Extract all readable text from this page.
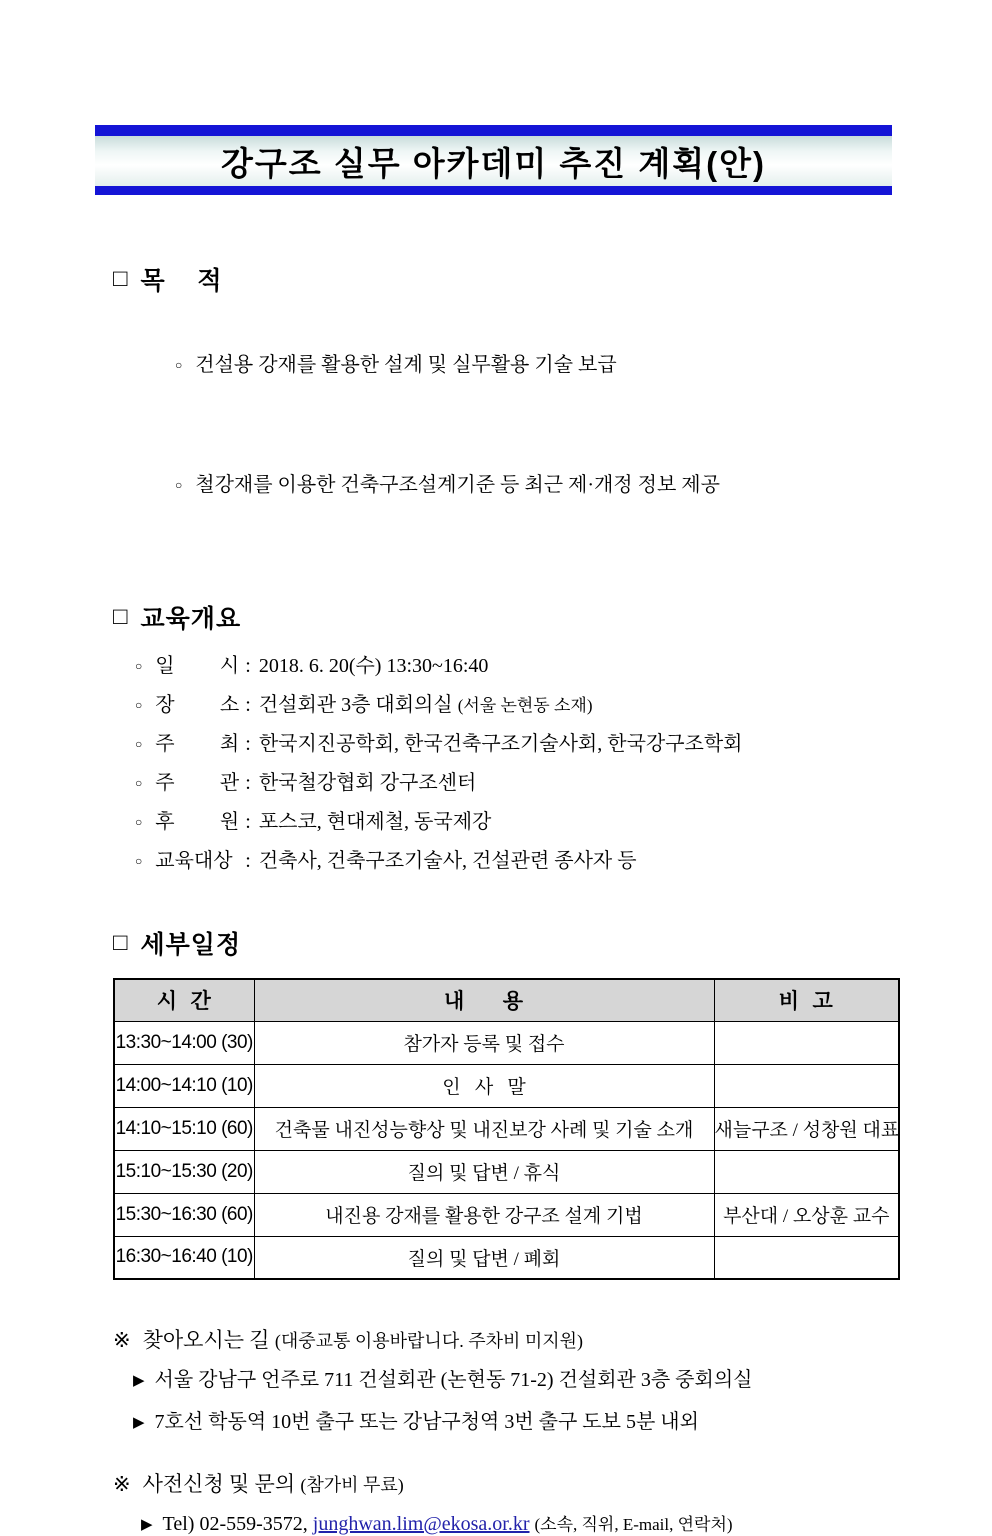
강구조 실무 아카데미 추진 계획(안)
□ 목    적

○ 건설용 강재를 활용한 설계 및 실무활용 기술 보급

○ 철강재를 이용한 건축구조설계기준 등 최근 제·개정 정보 제공

□ 교육개요
○ 일 시 : 2018. 6. 20(수) 13:30~16:40
○ 장 소 : 건설회관 3층 대회의실 (서울 논현동 소재)
○ 주 최 : 한국지진공학회, 한국건축구조기술사회, 한국강구조학회
○ 주 관 : 한국철강협회 강구조센터
○ 후 원 : 포스코, 현대제철, 동국제강
○ 교육대상 : 건축사, 건축구조기술사, 건설관련 종사자 등
□ 세부일정
시  간	내      용	비  고
13:30~14:00 (30)	참가자 등록 및 접수	
14:00~14:10 (10)	인   사   말	
14:10~15:10 (60)	건축물 내진성능향상 및 내진보강 사례 및 기술 소개	새늘구조 / 성창원 대표
15:10~15:30 (20)	질의 및 답변 / 휴식	
15:30~16:30 (60)	내진용 강재를 활용한 강구조 설계 기법	부산대 / 오상훈 교수
16:30~16:40 (10)	질의 및 답변 / 폐회	
※ 찾아오시는 길 (대중교통 이용바랍니다. 주차비 미지원)
▶ 서울 강남구 언주로 711 건설회관 (논현동 71-2) 건설회관 3층 중회의실
▶ 7호선 학동역 10번 출구 또는 강남구청역 3번 출구 도보 5분 내외
※ 사전신청 및 문의 (참가비 무료)
▶ Tel) 02-559-3572, junghwan.lim@ekosa.or.kr (소속, 직위, E-mail, 연락처)
